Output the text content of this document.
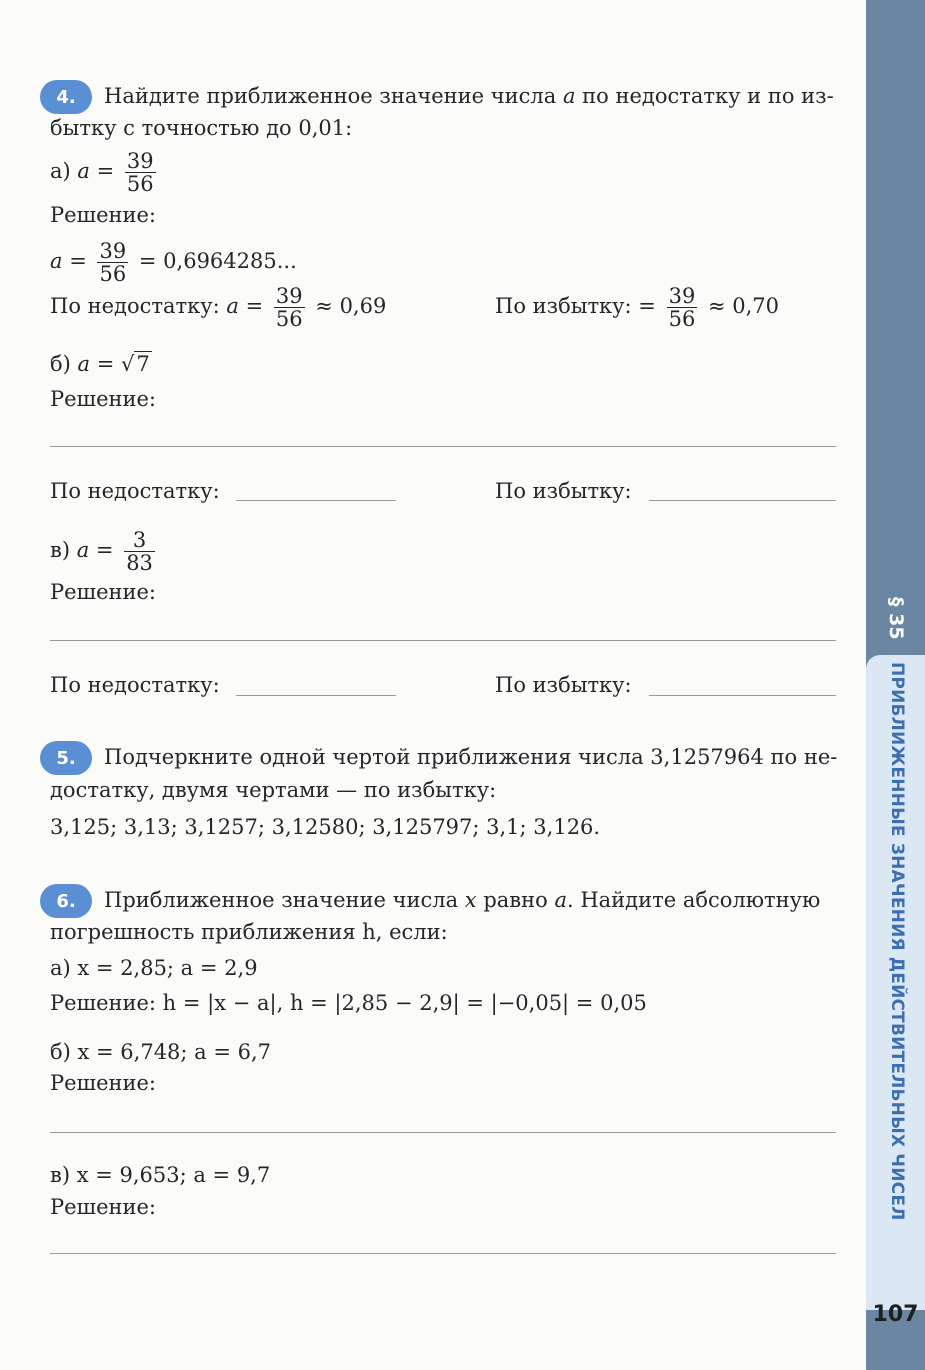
§ 35
ПРИБЛИЖЕННЫЕ ЗНАЧЕНИЯ ДЕЙСТВИТЕЛЬНЫХ ЧИСЕЛ
107
4. Найдите приближенное значение числа a по недостатку и по из-
бытку с точностью до 0,01:
а) $a = \frac{39}{56}$
Решение:
$a = \frac{39}{56} = 0,6964285$...
По недостатку: $a = \frac{39}{56} \approx 0,69$	По избытку: = $\frac{39}{56} \approx 0,70$
б) a = √7
Решение:
По недостатку:	По избытку:
в) $a = \frac{3}{83}$
Решение:
По недостатку:	По избытку:
5. Подчеркните одной чертой приближения числа 3,1257964 по не-
достатку, двумя чертами — по избытку:
3,125; 3,13; 3,1257; 3,12580; 3,125797; 3,1; 3,126.
6. Приближенное значение числа x равно a. Найдите абсолютную
погрешность приближения h, если:
а) x = 2,85; a = 2,9
Решение: h = |x − a|, h = |2,85 − 2,9| = |−0,05| = 0,05
б) x = 6,748; a = 6,7
Решение:
в) x = 9,653; a = 9,7
Решение:
